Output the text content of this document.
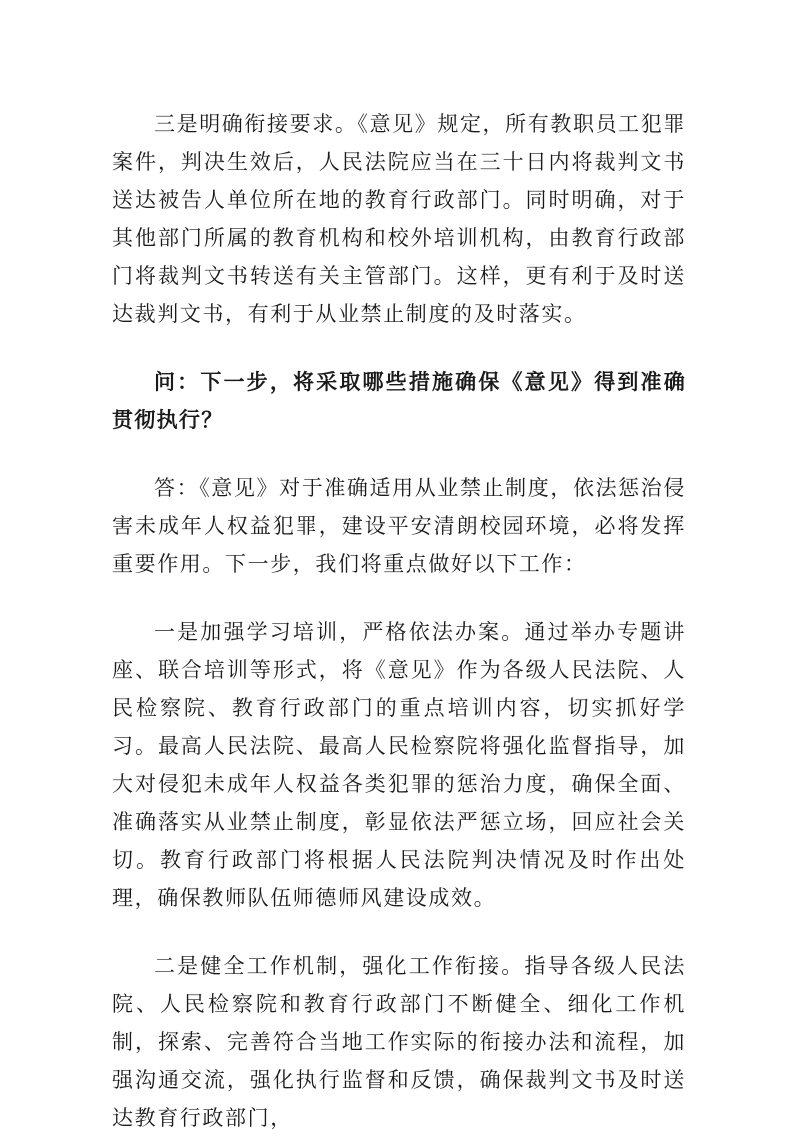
三是明确衔接要求。《意见》规定，所有教职员工犯罪案件，判决生效后，人民法院应当在三十日内将裁判文书送达被告人单位所在地的教育行政部门。同时明确，对于其他部门所属的教育机构和校外培训机构，由教育行政部门将裁判文书转送有关主管部门。这样，更有利于及时送达裁判文书，有利于从业禁止制度的及时落实。

问：下一步，将采取哪些措施确保《意见》得到准确贯彻执行？

答：《意见》对于准确适用从业禁止制度，依法惩治侵害未成年人权益犯罪，建设平安清朗校园环境，必将发挥重要作用。下一步，我们将重点做好以下工作：

一是加强学习培训，严格依法办案。通过举办专题讲座、联合培训等形式，将《意见》作为各级人民法院、人民检察院、教育行政部门的重点培训内容，切实抓好学习。最高人民法院、最高人民检察院将强化监督指导，加大对侵犯未成年人权益各类犯罪的惩治力度，确保全面、准确落实从业禁止制度，彰显依法严惩立场，回应社会关切。教育行政部门将根据人民法院判决情况及时作出处理，确保教师队伍师德师风建设成效。

二是健全工作机制，强化工作衔接。指导各级人民法院、人民检察院和教育行政部门不断健全、细化工作机制，探索、完善符合当地工作实际的衔接办法和流程，加强沟通交流，强化执行监督和反馈，确保裁判文书及时送达教育行政部门，
